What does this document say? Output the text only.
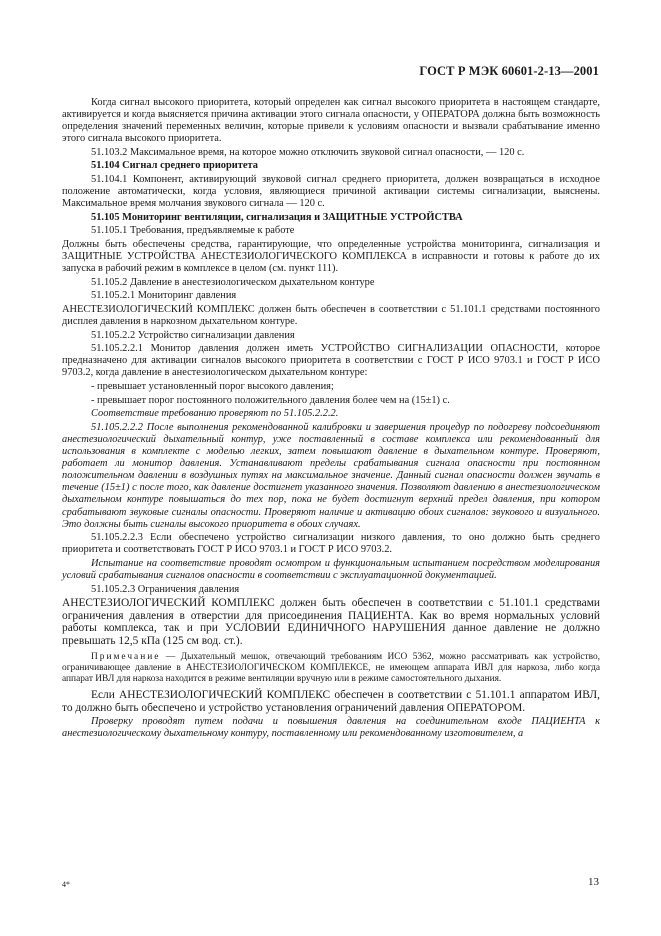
ГОСТ Р МЭК 60601-2-13—2001

Когда сигнал высокого приоритета, который определен как сигнал высокого приоритета в настоящем стандарте, активируется и когда выясняется причина активации этого сигнала опасности, у ОПЕРАТОРА должна быть возможность определения значений переменных величин, которые привели к условиям опасности и вызвали срабатывание именно этого сигнала высокого приоритета.

51.103.2 Максимальное время, на которое можно отключить звуковой сигнал опасности, — 120 с.

51.104 Сигнал среднего приоритета

51.104.1 Компонент, активирующий звуковой сигнал среднего приоритета, должен возвращаться в исходное положение автоматически, когда условия, являющиеся причиной активации системы сигнализации, выяснены. Максимальное время молчания звукового сигнала — 120 с.

51.105 Мониторинг вентиляции, сигнализация и ЗАЩИТНЫЕ УСТРОЙСТВА

51.105.1 Требования, предъявляемые к работе

Должны быть обеспечены средства, гарантирующие, что определенные устройства мониторинга, сигнализация и ЗАЩИТНЫЕ УСТРОЙСТВА АНЕСТЕЗИОЛОГИЧЕСКОГО КОМПЛЕКСА в исправности и готовы к работе до их запуска в рабочий режим в комплексе в целом (см. пункт 111).

51.105.2 Давление в анестезиологическом дыхательном контуре

51.105.2.1 Мониторинг давления

АНЕСТЕЗИОЛОГИЧЕСКИЙ КОМПЛЕКС должен быть обеспечен в соответствии с 51.101.1 средствами постоянного дисплея давления в наркозном дыхательном контуре.

51.105.2.2 Устройство сигнализации давления

51.105.2.2.1 Монитор давления должен иметь УСТРОЙСТВО СИГНАЛИЗАЦИИ ОПАСНОСТИ, которое предназначено для активации сигналов высокого приоритета в соответствии с ГОСТ Р ИСО 9703.1 и ГОСТ Р ИСО 9703.2, когда давление в анестезиологическом дыхательном контуре:

- превышает установленный порог высокого давления;

- превышает порог постоянного положительного давления более чем на (15±1) с.

Соответствие требованию проверяют по 51.105.2.2.2.

51.105.2.2.2 После выполнения рекомендованной калибровки и завершения процедур по подогреву подсоединяют анестезиологический дыхательный контур, уже поставленный в составе комплекса или рекомендованный для использования в комплекте с моделью легких, затем повышают давление в дыхательном контуре. Проверяют, работает ли монитор давления. Устанавливают пределы срабатывания сигнала опасности при постоянном положительном давлении в воздушных путях на максимальное значение. Данный сигнал опасности должен звучать в течение (15±1) с после того, как давление достигнет указанного значения. Позволяют давлению в анестезиологическом дыхательном контуре повышаться до тех пор, пока не будет достигнут верхний предел давления, при котором срабатывают звуковые сигналы опасности. Проверяют наличие и активацию обоих сигналов: звукового и визуального. Это должны быть сигналы высокого приоритета в обоих случаях.

51.105.2.2.3 Если обеспечено устройство сигнализации низкого давления, то оно должно быть среднего приоритета и соответствовать ГОСТ Р ИСО 9703.1 и ГОСТ Р ИСО 9703.2.

Испытание на соответствие проводят осмотром и функциональным испытанием посредством моделирования условий срабатывания сигналов опасности в соответствии с эксплуатационной документацией.

51.105.2.3 Ограничения давления

АНЕСТЕЗИОЛОГИЧЕСКИЙ КОМПЛЕКС должен быть обеспечен в соответствии с 51.101.1 средствами ограничения давления в отверстии для присоединения ПАЦИЕНТА. Как во время нормальных условий работы комплекса, так и при УСЛОВИИ ЕДИНИЧНОГО НАРУШЕНИЯ данное давление не должно превышать 12,5 кПа (125 см вод. ст.).

Примечание — Дыхательный мешок, отвечающий требованиям ИСО 5362, можно рассматривать как устройство, ограничивающее давление в АНЕСТЕЗИОЛОГИЧЕСКОМ КОМПЛЕКСЕ, не имеющем аппарата ИВЛ для наркоза, либо когда аппарат ИВЛ для наркоза находится в режиме вентиляции вручную или в режиме самостоятельного дыхания.

Если АНЕСТЕЗИОЛОГИЧЕСКИЙ КОМПЛЕКС обеспечен в соответствии с 51.101.1 аппаратом ИВЛ, то должно быть обеспечено и устройство установления ограничений давления ОПЕРАТОРОМ.

Проверку проводят путем подачи и повышения давления на соединительном входе ПАЦИЕНТА к анестезиологическому дыхательному контуру, поставленному или рекомендованному изготовителем, а

4*	13
